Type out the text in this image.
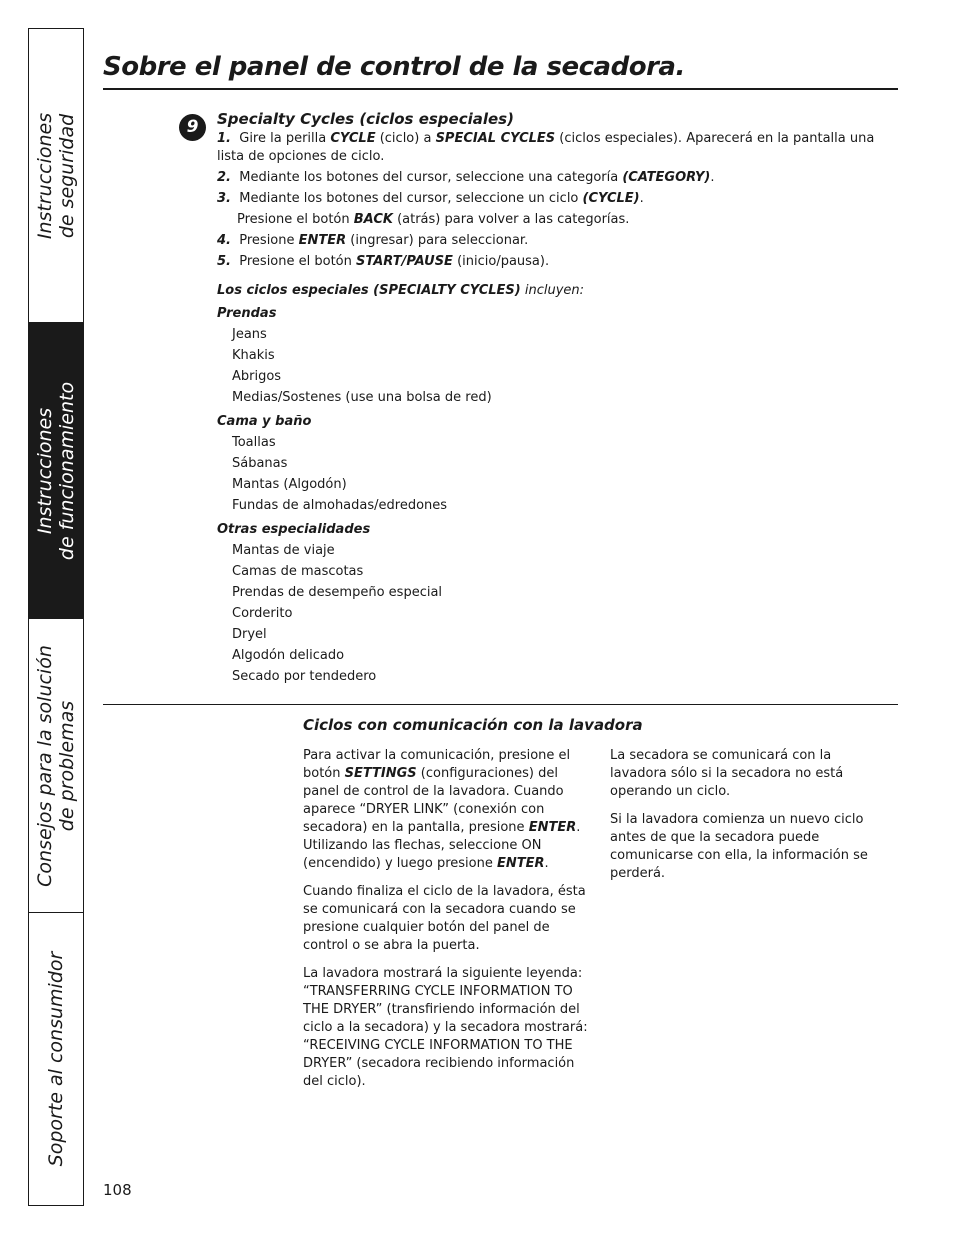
Instrucciones de seguridad
Instrucciones de funcionamiento
Consejos para la solución de problemas
Soporte al consumidor
Sobre el panel de control de la secadora.
9	Specialty Cycles (ciclos especiales)
1. Gire la perilla CYCLE (ciclo) a SPECIAL CYCLES (ciclos especiales). Aparecerá en la pantalla una lista de opciones de ciclo.
2. Mediante los botones del cursor, seleccione una categoría (CATEGORY).
3. Mediante los botones del cursor, seleccione un ciclo (CYCLE).
Presione el botón BACK (atrás) para volver a las categorías.
4. Presione ENTER (ingresar) para seleccionar.
5. Presione el botón START/PAUSE (inicio/pausa).
Los ciclos especiales (SPECIALTY CYCLES) incluyen:
Prendas
Jeans
Khakis
Abrigos
Medias/Sostenes (use una bolsa de red)
Cama y baño
Toallas
Sábanas
Mantas (Algodón)
Fundas de almohadas/edredones
Otras especialidades
Mantas de viaje
Camas de mascotas
Prendas de desempeño especial
Corderito
Dryel
Algodón delicado
Secado por tendedero
Ciclos con comunicación con la lavadora

Para activar la comunicación, presione el botón SETTINGS (configuraciones) del panel de control de la lavadora. Cuando aparece “DRYER LINK” (conexión con secadora) en la pantalla, presione ENTER. Utilizando las flechas, seleccione ON (encendido) y luego presione ENTER.

Cuando finaliza el ciclo de la lavadora, ésta se comunicará con la secadora cuando se presione cualquier botón del panel de control o se abra la puerta.

La lavadora mostrará la siguiente leyenda: “TRANSFERRING CYCLE INFORMATION TO THE DRYER” (transfiriendo información del ciclo a la secadora) y la secadora mostrará: “RECEIVING CYCLE INFORMATION TO THE DRYER” (secadora recibiendo información del ciclo).

La secadora se comunicará con la lavadora sólo si la secadora no está operando un ciclo.

Si la lavadora comienza un nuevo ciclo antes de que la secadora puede comunicarse con ella, la información se perderá.

108
